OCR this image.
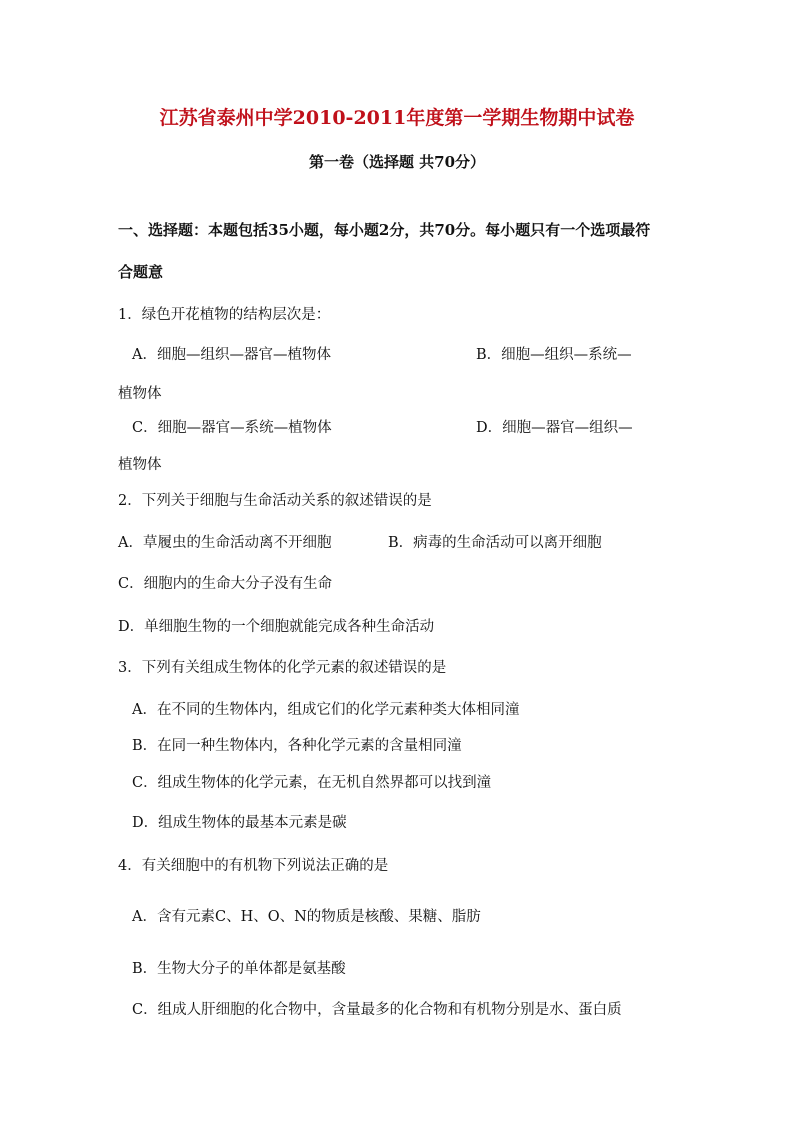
江苏省泰州中学2010-2011年度第一学期生物期中试卷
第一卷（选择题 共70分）
一、选择题：本题包括35小题，每小题2分，共70分。每小题只有一个选项最符
合题意
1．绿色开花植物的结构层次是：
A．细胞—组织—器官—植物体	B．细胞—组织—系统—
植物体
C．细胞—器官—系统—植物体	D．细胞—器官—组织—
植物体
2．下列关于细胞与生命活动关系的叙述错误的是
A．草履虫的生命活动离不开细胞	B．病毒的生命活动可以离开细胞
C．细胞内的生命大分子没有生命
D．单细胞生物的一个细胞就能完成各种生命活动
3．下列有关组成生物体的化学元素的叙述错误的是
A．在不同的生物体内，组成它们的化学元素种类大体相同潼
B．在同一种生物体内，各种化学元素的含量相同潼
C．组成生物体的化学元素，在无机自然界都可以找到潼
D．组成生物体的最基本元素是碳
4．有关细胞中的有机物下列说法正确的是
A．含有元素C、H、O、N的物质是核酸、果糖、脂肪
B．生物大分子的单体都是氨基酸
C．组成人肝细胞的化合物中，含量最多的化合物和有机物分别是水、蛋白质
